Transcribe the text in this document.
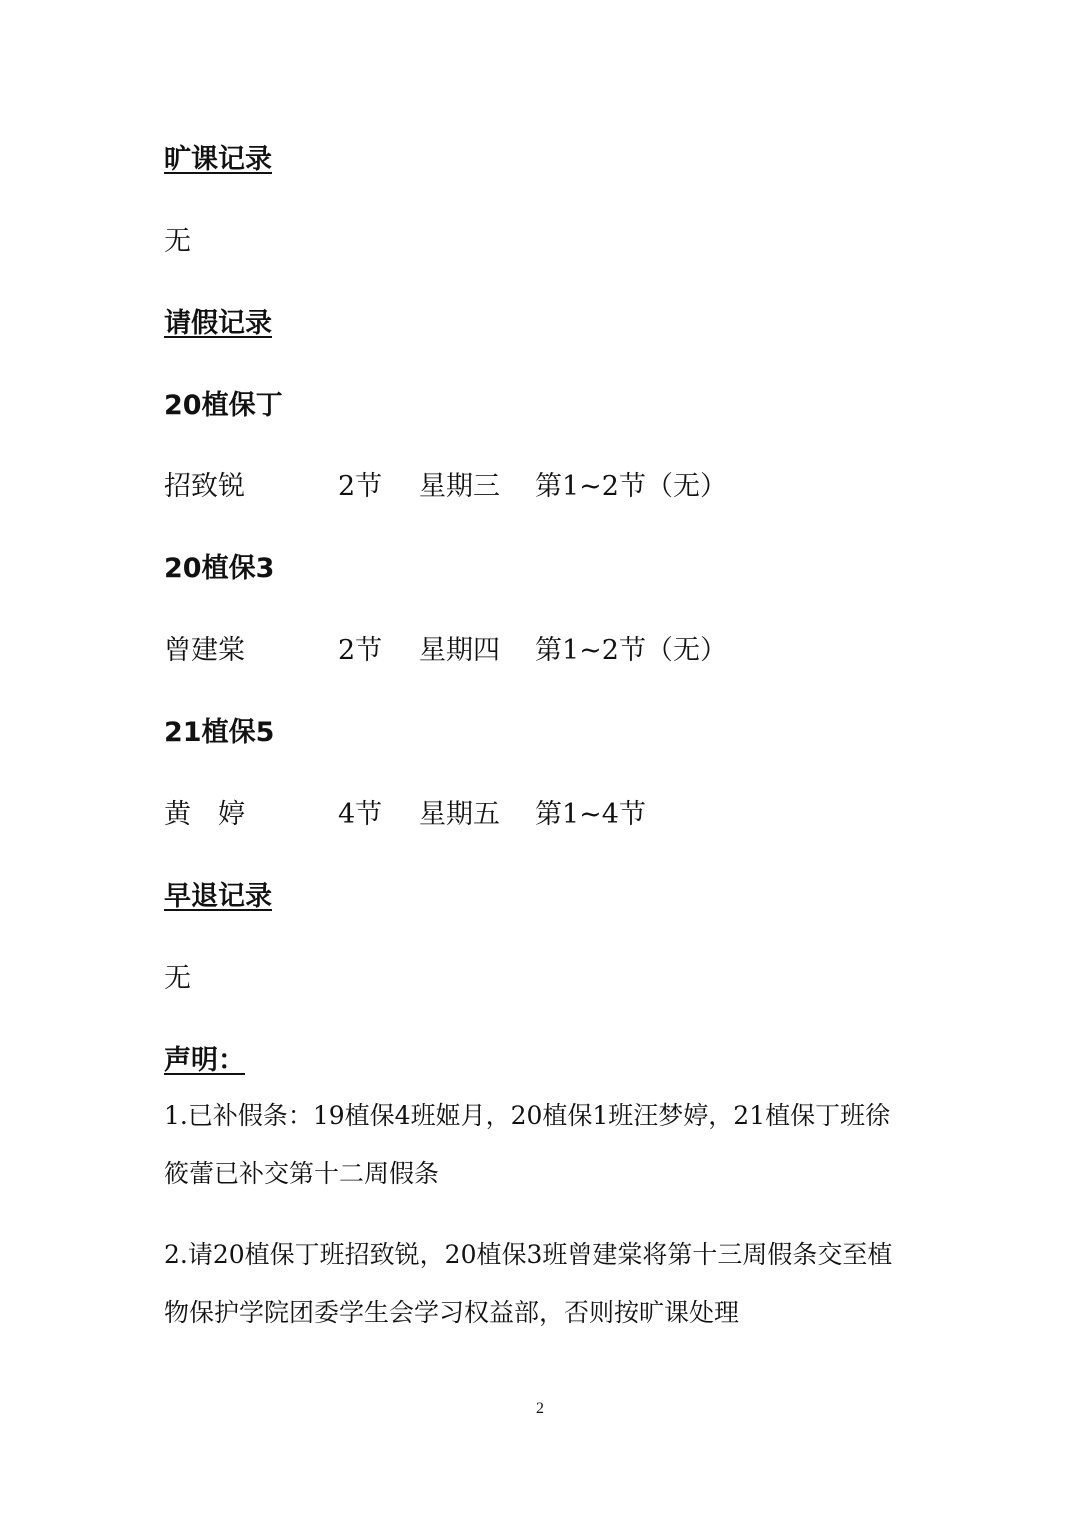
旷课记录
无
请假记录
20植保丁
招致锐	2节 星期三 第1~2节（无）
20植保3
曾建棠	2节 星期四 第1~2节（无）
21植保5
黄　婷	4节 星期五 第1~4节
早退记录
无
声明：
1.已补假条：19植保4班姬月，20植保1班汪梦婷，21植保丁班徐
筱蕾已补交第十二周假条
2.请20植保丁班招致锐，20植保3班曾建棠将第十三周假条交至植
物保护学院团委学生会学习权益部，否则按旷课处理
2
